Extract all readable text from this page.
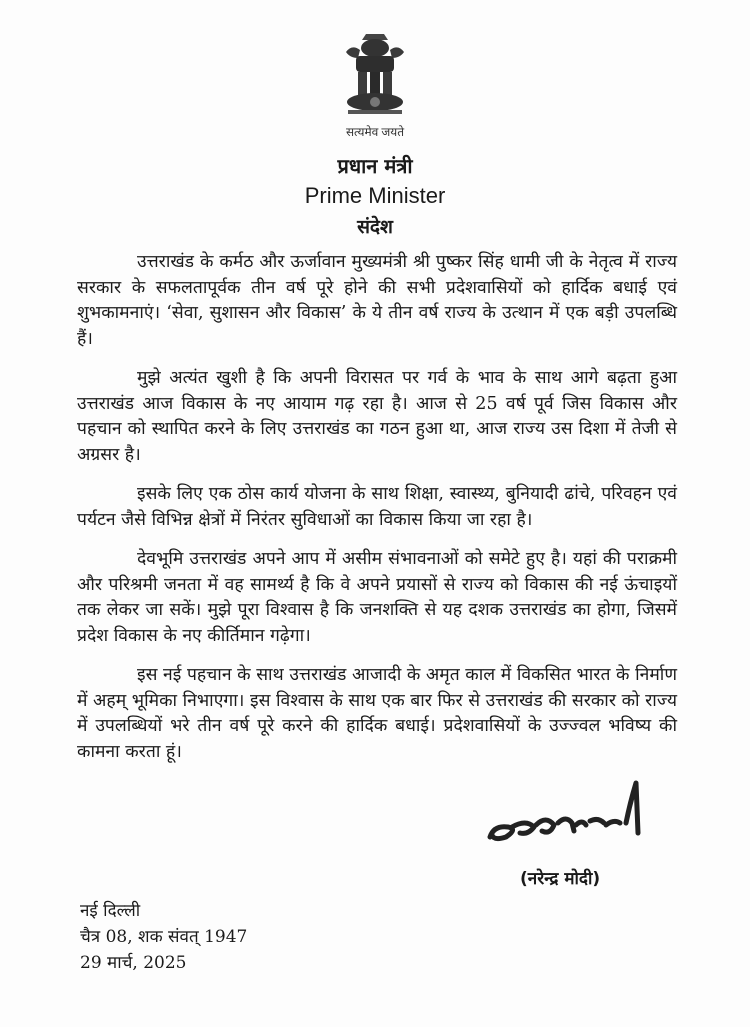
सत्यमेव जयते
प्रधान मंत्री
Prime Minister
संदेश

उत्तराखंड के कर्मठ और ऊर्जावान मुख्यमंत्री श्री पुष्कर सिंह धामी जी के नेतृत्व में राज्य सरकार के सफलतापूर्वक तीन वर्ष पूरे होने की सभी प्रदेशवासियों को हार्दिक बधाई एवं शुभकामनाएं। ‘सेवा, सुशासन और विकास’ के ये तीन वर्ष राज्य के उत्थान में एक बड़ी उपलब्धि हैं।

मुझे अत्यंत खुशी है कि अपनी विरासत पर गर्व के भाव के साथ आगे बढ़ता हुआ उत्तराखंड आज विकास के नए आयाम गढ़ रहा है। आज से 25 वर्ष पूर्व जिस विकास और पहचान को स्थापित करने के लिए उत्तराखंड का गठन हुआ था, आज राज्य उस दिशा में तेजी से अग्रसर है।

इसके लिए एक ठोस कार्य योजना के साथ शिक्षा, स्वास्थ्य, बुनियादी ढांचे, परिवहन एवं पर्यटन जैसे विभिन्न क्षेत्रों में निरंतर सुविधाओं का विकास किया जा रहा है।

देवभूमि उत्तराखंड अपने आप में असीम संभावनाओं को समेटे हुए है। यहां की पराक्रमी और परिश्रमी जनता में वह सामर्थ्य है कि वे अपने प्रयासों से राज्य को विकास की नई ऊंचाइयों तक लेकर जा सकें। मुझे पूरा विश्वास है कि जनशक्ति से यह दशक उत्तराखंड का होगा, जिसमें प्रदेश विकास के नए कीर्तिमान गढ़ेगा।

इस नई पहचान के साथ उत्तराखंड आजादी के अमृत काल में विकसित भारत के निर्माण में अहम् भूमिका निभाएगा। इस विश्वास के साथ एक बार फिर से उत्तराखंड की सरकार को राज्य में उपलब्धियों भरे तीन वर्ष पूरे करने की हार्दिक बधाई। प्रदेशवासियों के उज्ज्वल भविष्य की कामना करता हूं।

(नरेन्द्र मोदी)
नई दिल्ली
चैत्र 08, शक संवत् 1947
29 मार्च, 2025
